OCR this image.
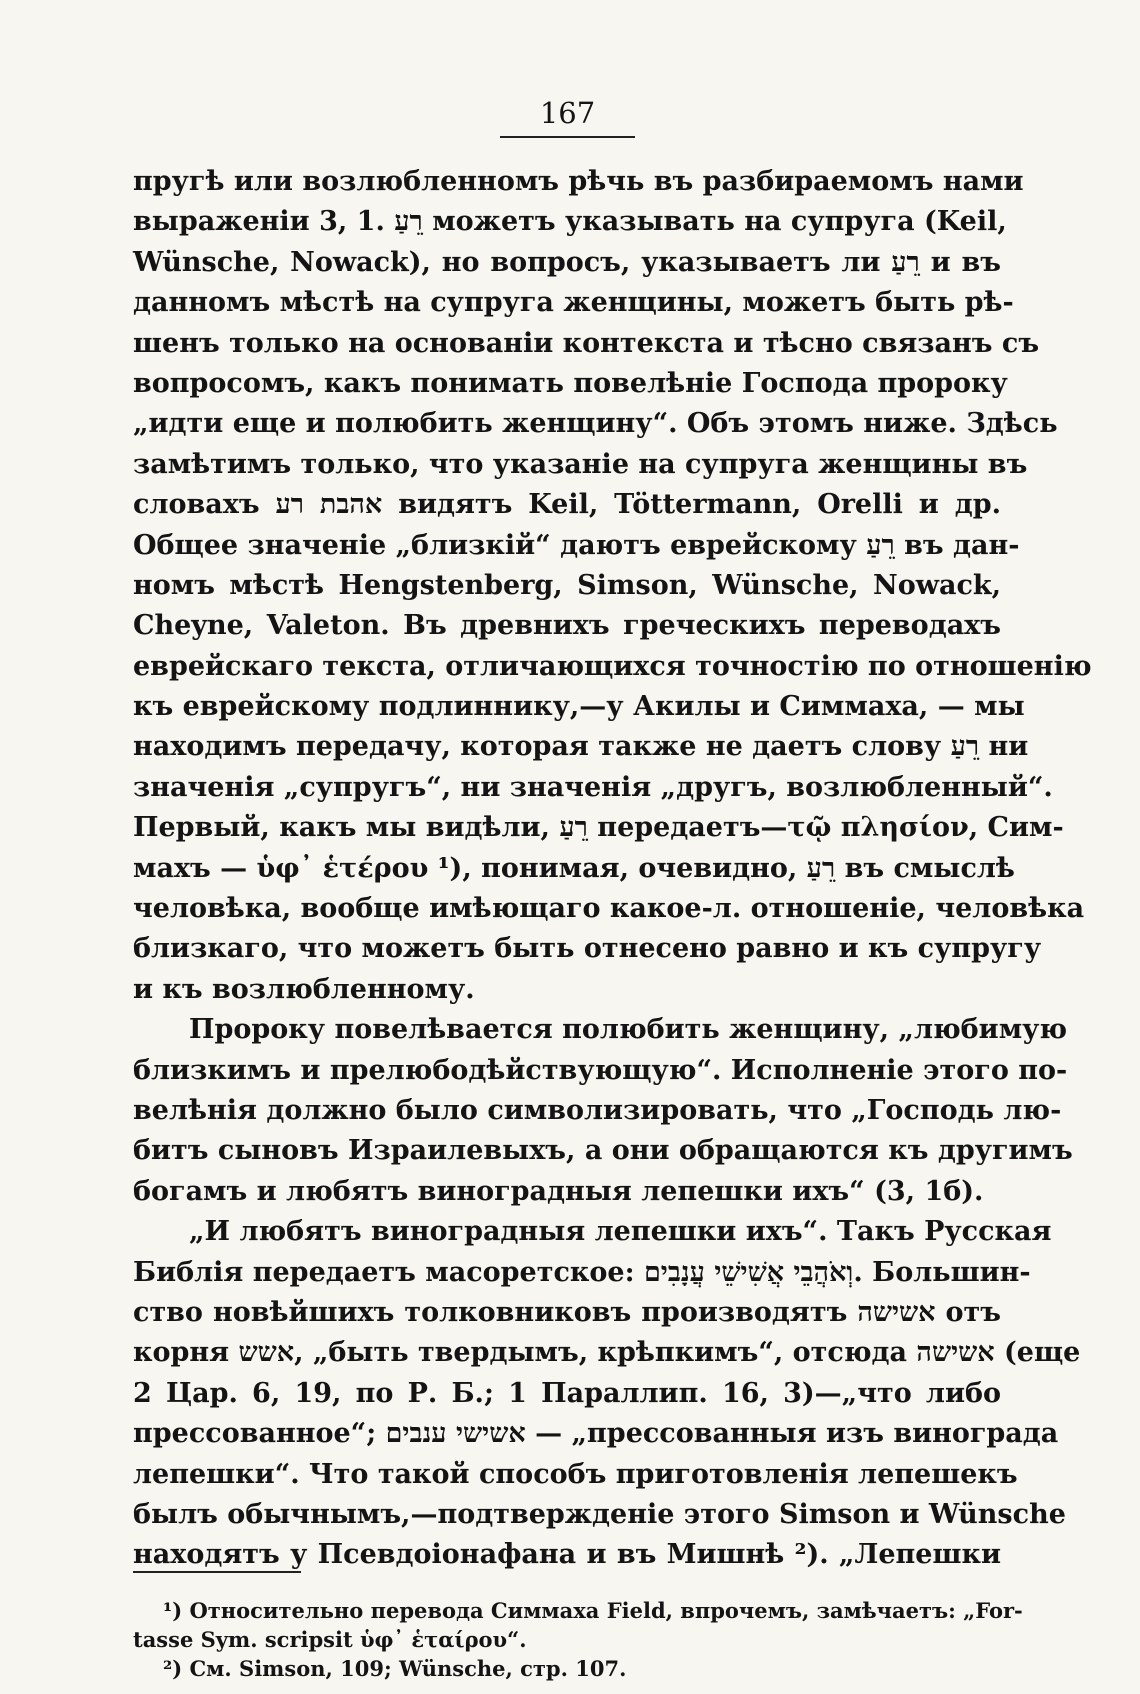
167
пругѣ или возлюбленномъ рѣчь въ разбираемомъ нами
выраженіи 3, 1. רֵעַ можетъ указывать на супруга (Keil,
Wünsche, Nowack), но вопросъ, указываетъ ли רֵעַ и въ
данномъ мѣстѣ на супруга женщины, можетъ быть рѣ-
шенъ только на основаніи контекста и тѣсно связанъ съ
вопросомъ, какъ понимать повелѣніе Господа пророку
„идти еще и полюбить женщину“. Объ этомъ ниже. Здѣсь
замѣтимъ только, что указаніе на супруга женщины въ
словахъ אהבת רע видятъ Keil, Töttermann, Orelli и др.
Общее значеніе „близкій“ даютъ еврейскому רֵעַ въ дан-
номъ мѣстѣ Hengstenberg, Simson, Wünsche, Nowack,
Cheyne, Valeton. Въ древнихъ греческихъ переводахъ
еврейскаго текста, отличающихся точностію по отношенію
къ еврейскому подлиннику,—у Акилы и Симмаха, — мы
находимъ передачу, которая также не даетъ слову רֵעַ ни
значенія „супругъ“, ни значенія „другъ, возлюбленный“.
Первый, какъ мы видѣли, רֵעַ передаетъ—τῷ πλησίον, Сим-
махъ — ὑφ᾿ ἑτέρου ¹), понимая, очевидно, רֵעַ въ смыслѣ
человѣка, вообще имѣющаго какое-л. отношеніе, человѣка
близкаго, что можетъ быть отнесено равно и къ супругу
и къ возлюбленному.
Пророку повелѣвается полюбить женщину, „любимую
близкимъ и прелюбодѣйствующую“. Исполненіе этого по-
велѣнія должно было символизировать, что „Господь лю-
битъ сыновъ Израилевыхъ, а они обращаются къ другимъ
богамъ и любятъ виноградныя лепешки ихъ“ (3, 1б).
„И любятъ виноградныя лепешки ихъ“. Такъ Русская
Библія передаетъ масоретское: וְאֹהֲבֵי אֲשִׁישֵׁי עֲנָבִים. Большин-
ство новѣйшихъ толковниковъ производятъ אשישה отъ
корня אשש, „быть твердымъ, крѣпкимъ“, отсюда אשישה (еще
2 Цар. 6, 19, по Р. Б.; 1 Параллип. 16, 3)—„что либо
прессованное“; אשישי ענבים — „прессованныя изъ винограда
лепешки“. Что такой способъ приготовленія лепешекъ
былъ обычнымъ,—подтвержденіе этого Simson и Wünsche
находятъ у Псевдоіонафана и въ Мишнѣ ²). „Лепешки
¹) Относительно перевода Симмаха Field, впрочемъ, замѣчаетъ: „For-
tasse Sym. scripsit ὑφ᾿ ἑταίρου“.
²) См. Simson, 109; Wünsche, стр. 107.
